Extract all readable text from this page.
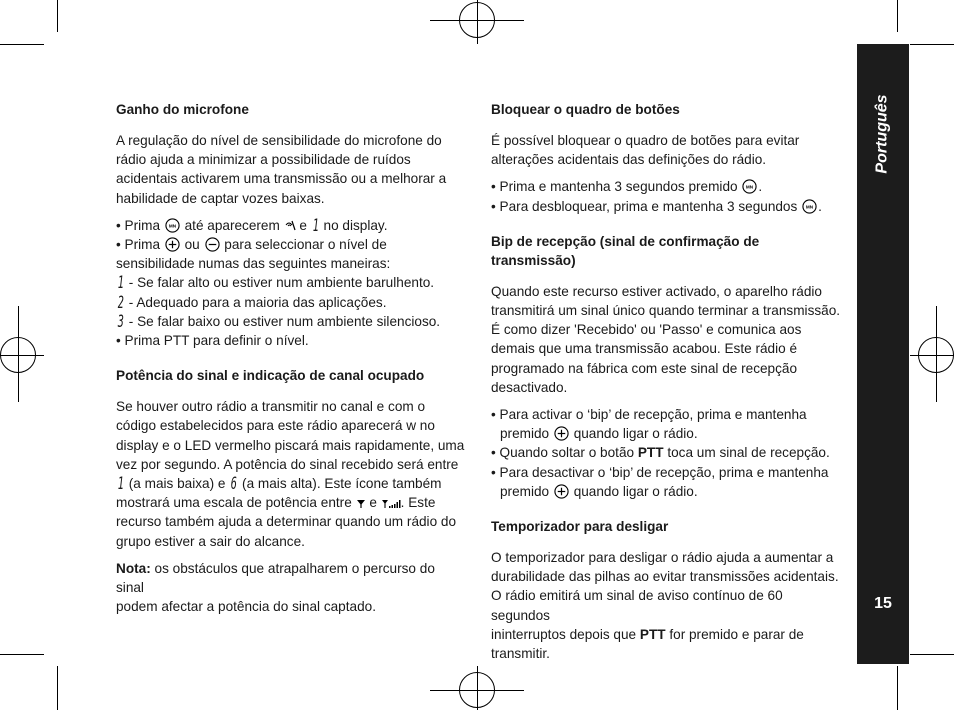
Ganho do microfone

A regulação do nível de sensibilidade do microfone do
rádio ajuda a minimizar a possibilidade de ruídos
acidentais activarem uma transmissão ou a melhorar a
habilidade de captar vozes baixas.

• Prima MN até aparecerem e 1 no display.
• Prima ou para seleccionar o nível de
sensibilidade numas das seguintes maneiras:
1 - Se falar alto ou estiver num ambiente barulhento.
2 - Adequado para a maioria das aplicações.
3 - Se falar baixo ou estiver num ambiente silencioso.
• Prima PTT para definir o nível.
Potência do sinal e indicação de canal ocupado

Se houver outro rádio a transmitir no canal e com o
código estabelecidos para este rádio aparecerá w no
display e o LED vermelho piscará mais rapidamente, uma
vez por segundo. A potência do sinal recebido será entre
1 (a mais baixa) e 6 (a mais alta). Este ícone também
mostrará uma escala de potência entre e . Este
recurso também ajuda a determinar quando um rádio do
grupo estiver a sair do alcance.

Nota: os obstáculos que atrapalharem o percurso do sinal
podem afectar a potência do sinal captado.

Bloquear o quadro de botões

É possível bloquear o quadro de botões para evitar
alterações acidentais das definições do rádio.

• Prima e mantenha 3 segundos premido MN .
• Para desbloquear, prima e mantenha 3 segundos MN .
Bip de recepção (sinal de confirmação de
transmissão)

Quando este recurso estiver activado, o aparelho rádio
transmitirá um sinal único quando terminar a transmissão.
É como dizer 'Recebido' ou 'Passo' e comunica aos
demais que uma transmissão acabou. Este rádio é
programado na fábrica com este sinal de recepção
desactivado.

• Para activar o ‘bip’ de recepção, prima e mantenha
premido quando ligar o rádio.
• Quando soltar o botão PTT toca um sinal de recepção.
• Para desactivar o ‘bip’ de recepção, prima e mantenha
premido quando ligar o rádio.
Temporizador para desligar

O temporizador para desligar o rádio ajuda a aumentar a
durabilidade das pilhas ao evitar transmissões acidentais.
O rádio emitirá um sinal de aviso contínuo de 60 segundos
ininterruptos depois que PTT for premido e parar de
transmitir.

Português
15
